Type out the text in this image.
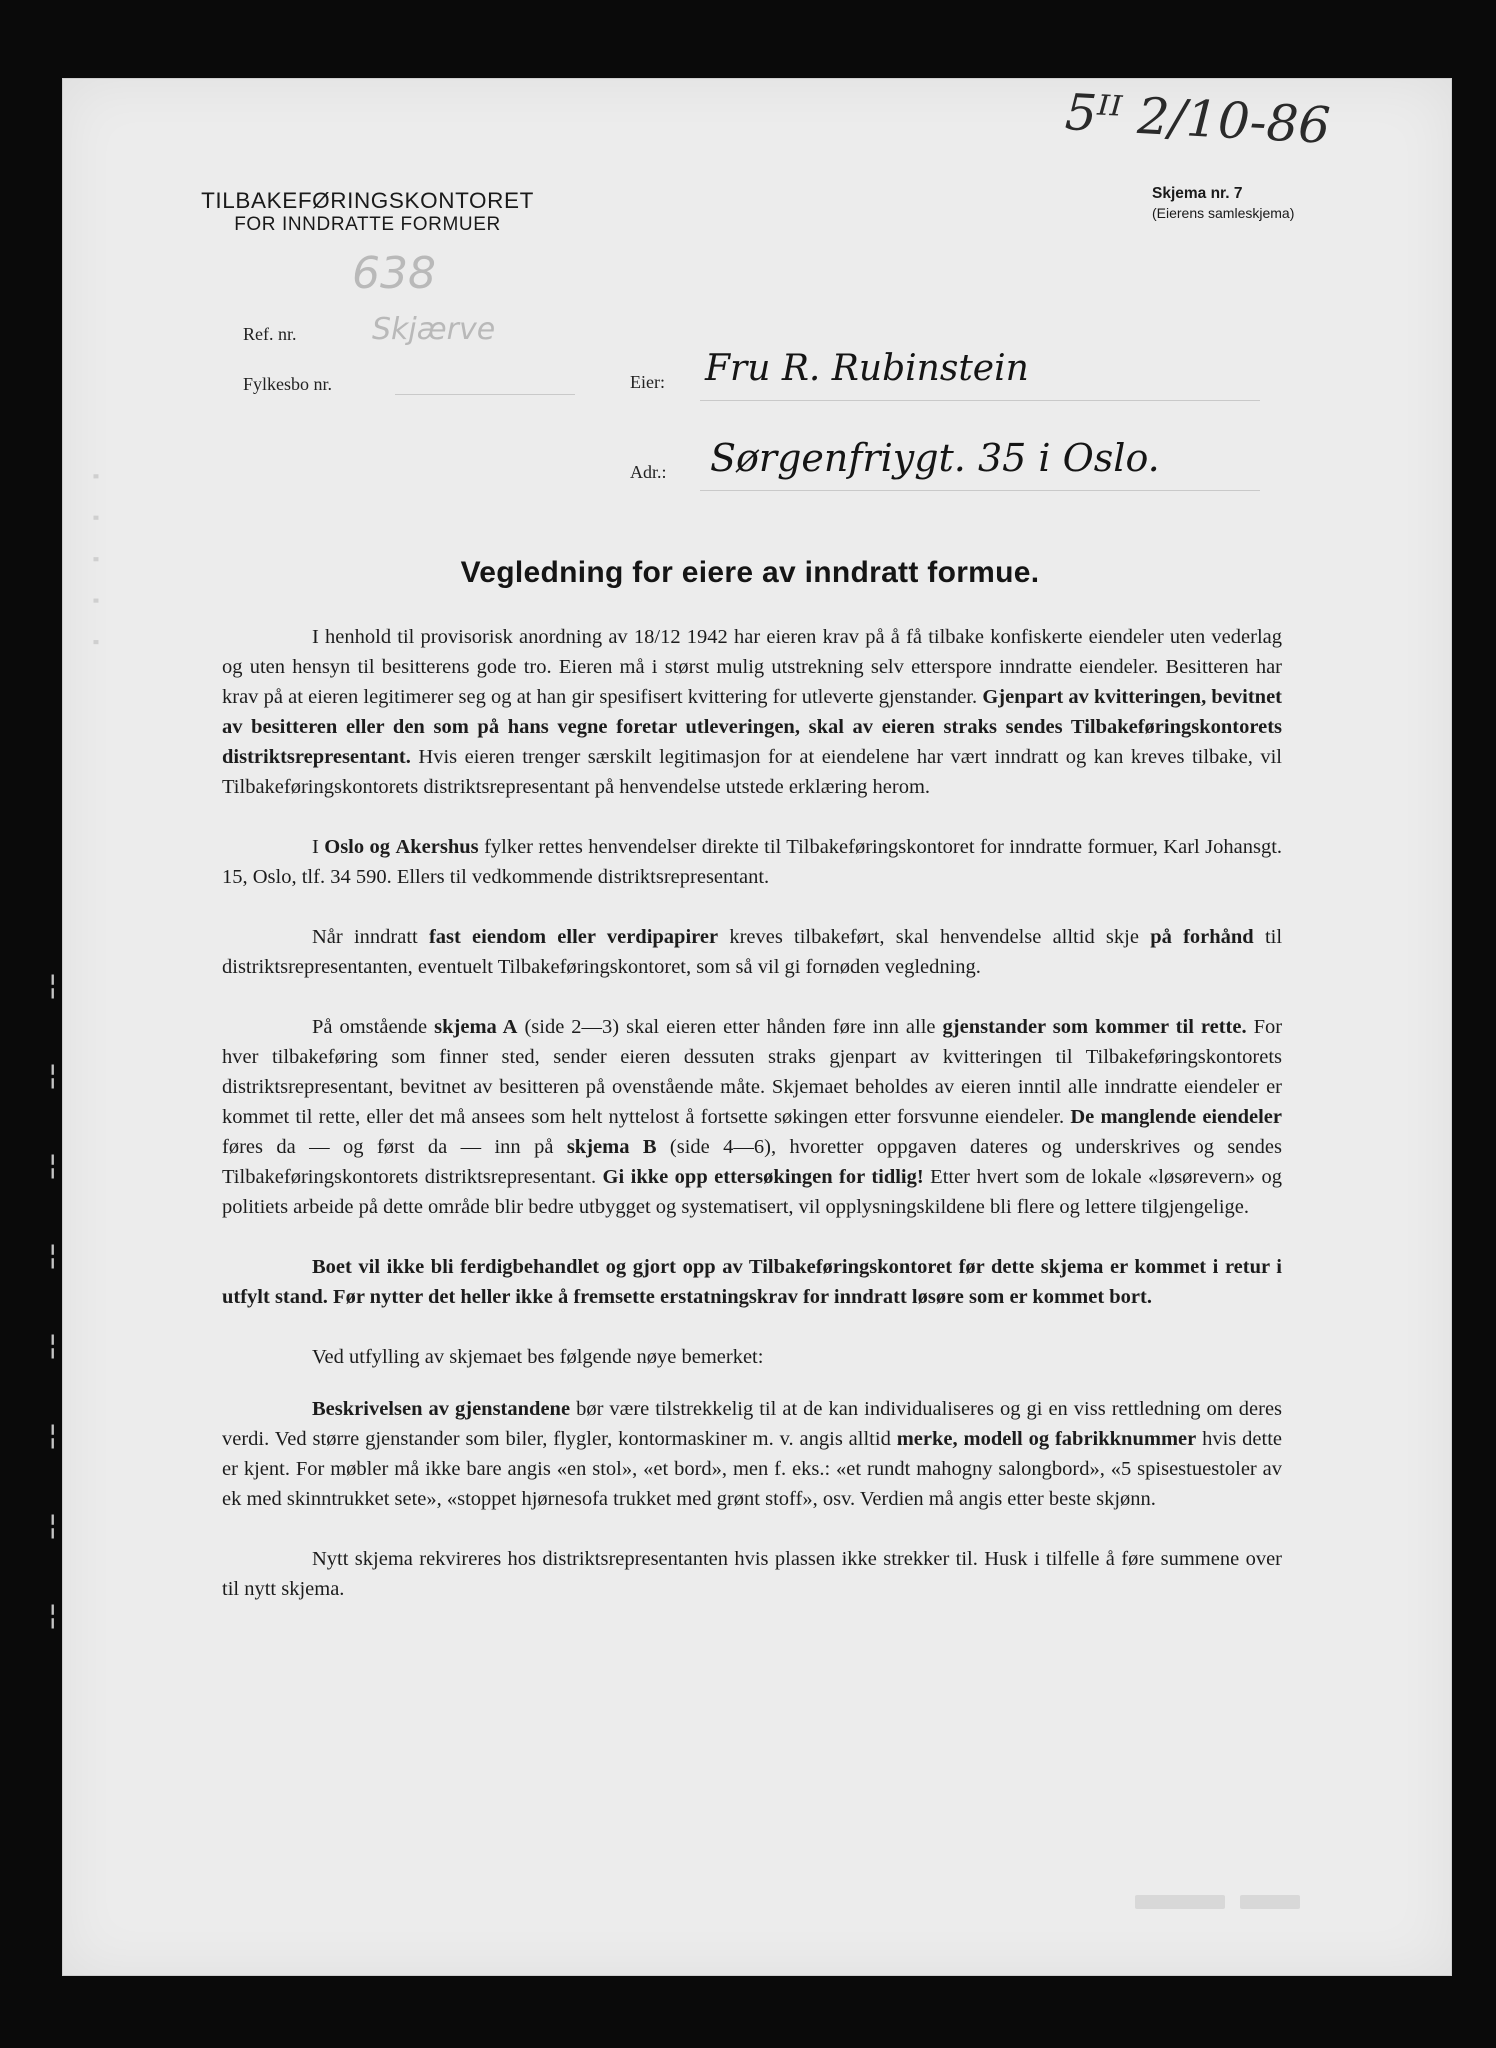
· · · · ·
¦
¦
¦
¦
¦
¦
¦
¦
5ᴵᴵ 2/10-86
638
Skjærve
TILBAKEFØRINGSKONTORET
FOR INNDRATTE FORMUER
Skjema nr. 7
(Eierens samleskjema)
Ref. nr.
Fylkesbo nr.	Eier: Fru R. Rubinstein
Adr.: Sørgenfriygt. 35 i Oslo.
Vegledning for eiere av inndratt formue.

I henhold til provisorisk anordning av 18/12 1942 har eieren krav på å få tilbake konfiskerte eiendeler uten vederlag og uten hensyn til besitterens gode tro. Eieren må i størst mulig utstrekning selv etterspore inndratte eiendeler. Besitteren har krav på at eieren legitimerer seg og at han gir spesifisert kvittering for utleverte gjenstander. Gjenpart av kvitteringen, bevitnet av besitteren eller den som på hans vegne foretar utleveringen, skal av eieren straks sendes Tilbakeføringskontorets distriktsrepresentant. Hvis eieren trenger særskilt legitimasjon for at eiendelene har vært inndratt og kan kreves tilbake, vil Tilbakeføringskontorets distriktsrepresentant på henvendelse utstede erklæring herom.

I Oslo og Akershus fylker rettes henvendelser direkte til Tilbakeføringskontoret for inndratte formuer, Karl Johansgt. 15, Oslo, tlf. 34 590. Ellers til vedkommende distriktsrepresentant.

Når inndratt fast eiendom eller verdipapirer kreves tilbakeført, skal henvendelse alltid skje på forhånd til distriktsrepresentanten, eventuelt Tilbakeføringskontoret, som så vil gi fornøden vegledning.

På omstående skjema A (side 2—3) skal eieren etter hånden føre inn alle gjenstander som kommer til rette. For hver tilbakeføring som finner sted, sender eieren dessuten straks gjenpart av kvitteringen til Tilbakeføringskontorets distriktsrepresentant, bevitnet av besitteren på ovenstående måte. Skjemaet beholdes av eieren inntil alle inndratte eiendeler er kommet til rette, eller det må ansees som helt nyttelost å fortsette søkingen etter forsvunne eiendeler. De manglende eiendeler føres da — og først da — inn på skjema B (side 4—6), hvoretter oppgaven dateres og underskrives og sendes Tilbakeføringskontorets distriktsrepresentant. Gi ikke opp ettersøkingen for tidlig! Etter hvert som de lokale «løsørevern» og politiets arbeide på dette område blir bedre utbygget og systematisert, vil opplysningskildene bli flere og lettere tilgjengelige.

Boet vil ikke bli ferdigbehandlet og gjort opp av Tilbakeføringskontoret før dette skjema er kommet i retur i utfylt stand. Før nytter det heller ikke å fremsette erstatningskrav for inndratt løsøre som er kommet bort.

Ved utfylling av skjemaet bes følgende nøye bemerket:

Beskrivelsen av gjenstandene bør være tilstrekkelig til at de kan individualiseres og gi en viss rettledning om deres verdi. Ved større gjenstander som biler, flygler, kontormaskiner m. v. angis alltid merke, modell og fabrikknummer hvis dette er kjent. For møbler må ikke bare angis «en stol», «et bord», men f. eks.: «et rundt mahogny salongbord», «5 spisestuestoler av ek med skinntrukket sete», «stoppet hjørnesofa trukket med grønt stoff», osv. Verdien må angis etter beste skjønn.

Nytt skjema rekvireres hos distriktsrepresentanten hvis plassen ikke strekker til. Husk i tilfelle å føre summene over til nytt skjema.
